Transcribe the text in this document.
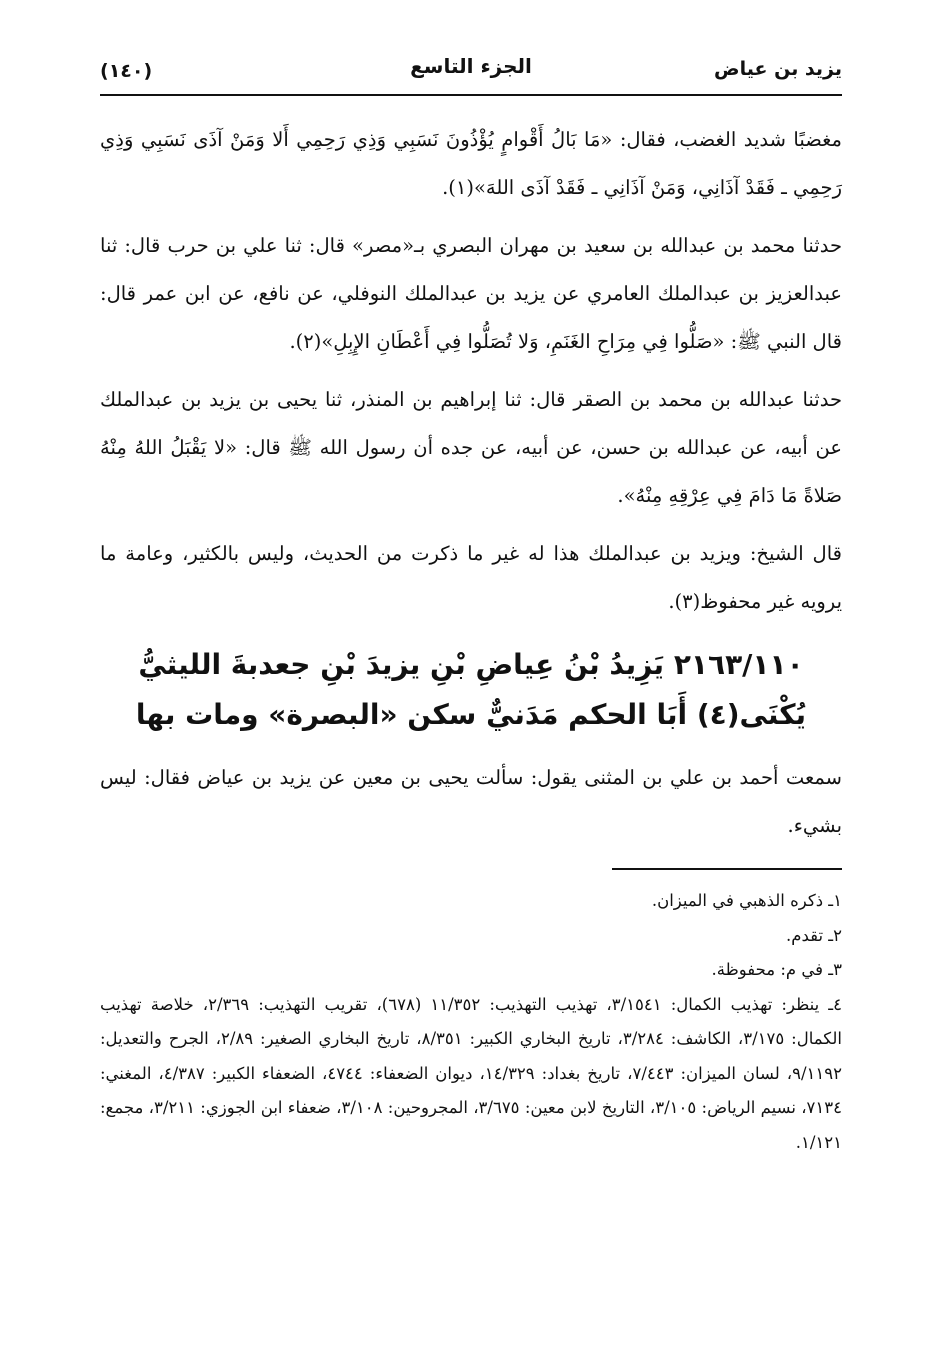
يزيد بن عياض
الجزء التاسع
(١٤٠)

مغضبًا شديد الغضب، فقال: «مَا بَالُ أَقْوامٍ يُؤْذُونَ نَسَبِي وَذِي رَحِمِي أَلا وَمَنْ آذَى نَسَبِي وَذِي رَحِمِي ـ فَقَدْ آذَانِي، وَمَنْ آذَانِي ـ فَقَدْ آذَى اللهَ»(١).

حدثنا محمد بن عبدالله بن سعيد بن مهران البصري بـ«مصر» قال: ثنا علي بن حرب قال: ثنا عبدالعزيز بن عبدالملك العامري عن يزيد بن عبدالملك النوفلي، عن نافع، عن ابن عمر قال: قال النبي ﷺ: «صَلُّوا فِي مِرَاحِ الغَنَمِ، وَلا تُصَلُّوا فِي أَعْطَانِ الإِبِلِ»(٢).

حدثنا عبدالله بن محمد بن الصقر قال: ثنا إبراهيم بن المنذر، ثنا يحيى بن يزيد بن عبدالملك عن أبيه، عن عبدالله بن حسن، عن أبيه، عن جده أن رسول الله ﷺ قال: «لا يَقْبَلُ اللهُ مِنْهُ صَلاةً مَا دَامَ فِي عِرْقِهِ مِنْهُ».

قال الشيخ: ويزيد بن عبدالملك هذا له غير ما ذكرت من الحديث، وليس بالكثير، وعامة ما يرويه غير محفوظ(٣).

٢١٦٣/١١٠ يَزِيدُ بْنُ عِياضِ بْنِ يزيدَ بْنِ جعدبةَ الليثيُّ
يُكْنَى(٤) أَبَا الحكم مَدَنيٌّ سكن «البصرة» ومات بها

سمعت أحمد بن علي بن المثنى يقول: سألت يحيى بن معين عن يزيد بن عياض فقال: ليس بشيء.

١ـ ذكره الذهبي في الميزان.
٢ـ تقدم.
٣ـ في م: محفوظة.
٤ـ ينظر: تهذيب الكمال: ٣/١٥٤١، تهذيب التهذيب: ١١/٣٥٢ (٦٧٨)، تقريب التهذيب: ٢/٣٦٩، خلاصة تهذيب الكمال: ٣/١٧٥، الكاشف: ٣/٢٨٤، تاريخ البخاري الكبير: ٨/٣٥١، تاريخ البخاري الصغير: ٢/٨٩، الجرح والتعديل: ٩/١١٩٢، لسان الميزان: ٧/٤٤٣، تاريخ بغداد: ١٤/٣٢٩، ديوان الضعفاء: ٤٧٤٤، الضعفاء الكبير: ٤/٣٨٧، المغني: ٧١٣٤، نسيم الرياض: ٣/١٠٥، التاريخ لابن معين: ٣/٦٧٥، المجروحين: ٣/١٠٨، ضعفاء ابن الجوزي: ٣/٢١١، مجمع: ١/١٢١.
